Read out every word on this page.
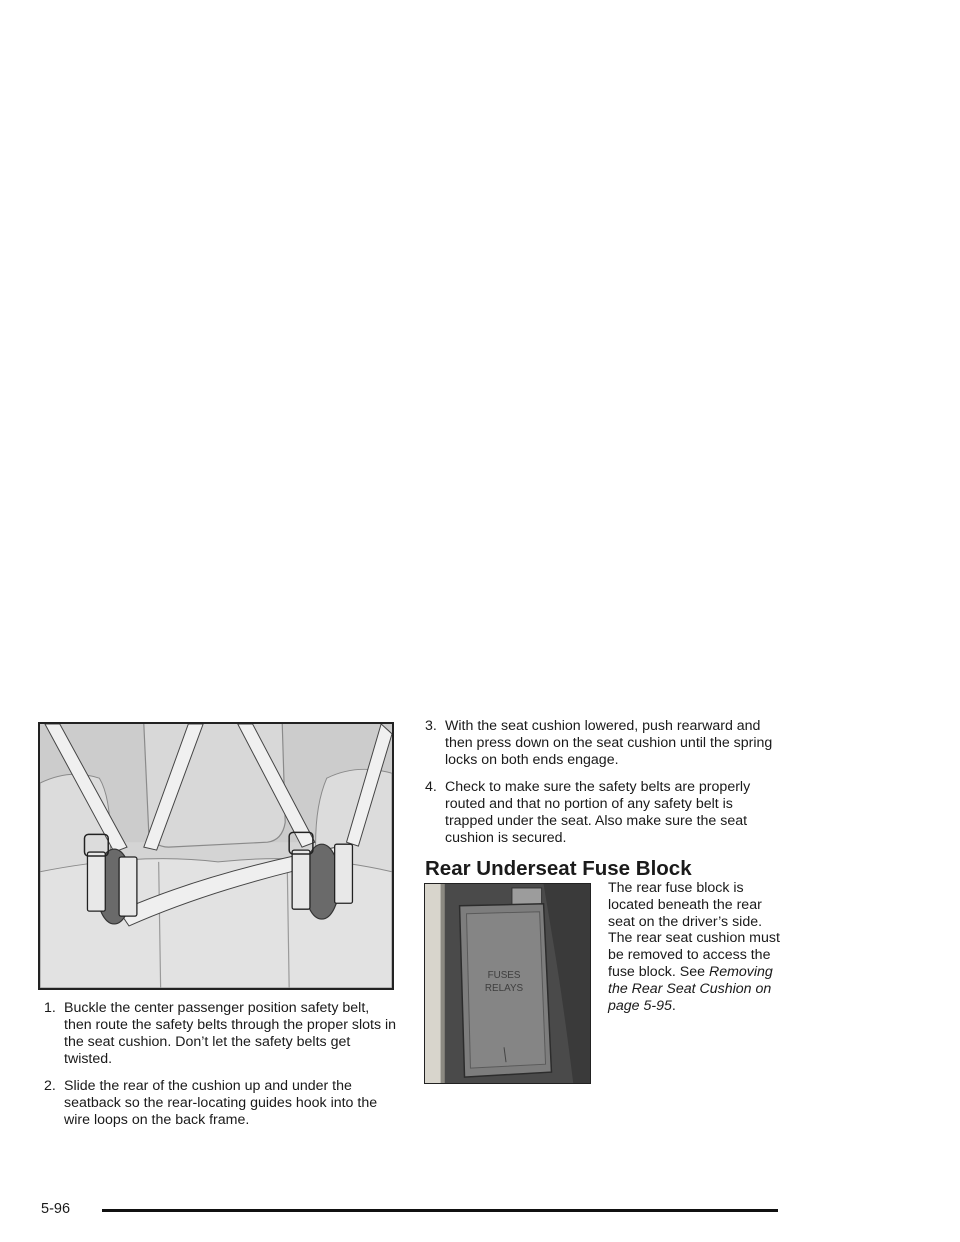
1. Buckle the center passenger position safety belt, then route the safety belts through the proper slots in the seat cushion. Don’t let the safety belts get twisted.
2. Slide the rear of the cushion up and under the seatback so the rear-locating guides hook into the wire loops on the back frame.
3. With the seat cushion lowered, push rearward and then press down on the seat cushion until the spring locks on both ends engage.
4. Check to make sure the safety belts are properly routed and that no portion of any safety belt is trapped under the seat. Also make sure the seat cushion is secured.
Rear Underseat Fuse Block
FUSES
RELAYS
The rear fuse block is located beneath the rear seat on the driver’s side. The rear seat cushion must be removed to access the fuse block. See Removing the Rear Seat Cushion on page 5-95.
5-96
